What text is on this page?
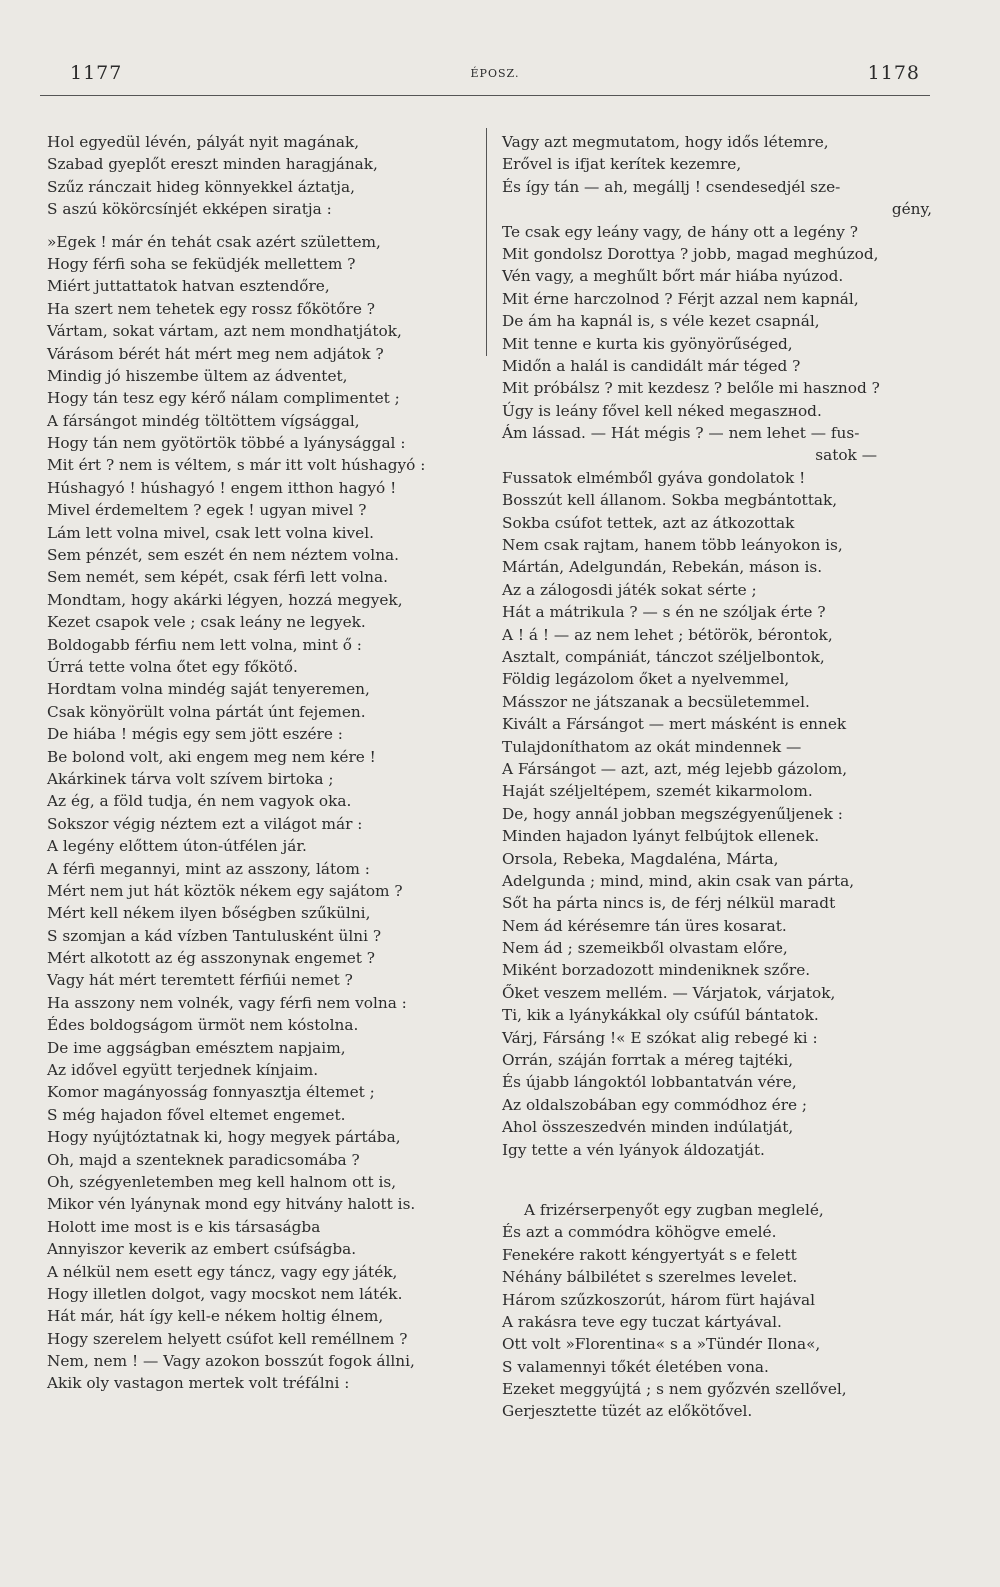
1177	ÉPOSZ.	1178
Hol egyedül lévén, pályát nyit magának,
Szabad gyeplőt ereszt minden haragjának,
Szűz ránczait hideg könnyekkel áztatja,
S aszú kökörcsínjét ekképen siratja :
»Egek ! már én tehát csak azért születtem,
Hogy férfi soha se feküdjék mellettem ?
Miért juttattatok hatvan esztendőre,
Ha szert nem tehetek egy rossz főkötőre ?
Vártam, sokat vártam, azt nem mondhatjátok,
Várásom bérét hát mért meg nem adjátok ?
Mindig jó hiszembe ültem az ádventet,
Hogy tán tesz egy kérő nálam complimentet ;
A fársángot mindég töltöttem vígsággal,
Hogy tán nem gyötörtök többé a lyánysággal :
Mit ért ? nem is véltem, s már itt volt húshagyó :
Húshagyó ! húshagyó ! engem itthon hagyó !
Mivel érdemeltem ? egek ! ugyan mivel ?
Lám lett volna mivel, csak lett volna kivel.
Sem pénzét, sem eszét én nem néztem volna.
Sem nemét, sem képét, csak férfi lett volna.
Mondtam, hogy akárki légyen, hozzá megyek,
Kezet csapok vele ; csak leány ne legyek.
Boldogabb férfiu nem lett volna, mint ő :
Úrrá tette volna őtet egy főkötő.
Hordtam volna mindég saját tenyeremen,
Csak könyörült volna pártát únt fejemen.
De hiába ! mégis egy sem jött eszére :
Be bolond volt, aki engem meg nem kére !
Akárkinek tárva volt szívem birtoka ;
Az ég, a föld tudja, én nem vagyok oka.
Sokszor végig néztem ezt a világot már :
A legény előttem úton-útfélen jár.
A férfi megannyi, mint az asszony, látom :
Mért nem jut hát köztök nékem egy sajátom ?
Mért kell nékem ilyen bőségben szűkülni,
S szomjan a kád vízben Tantulusként ülni ?
Mért alkotott az ég asszonynak engemet ?
Vagy hát mért teremtett férfiúi nemet ?
Ha asszony nem volnék, vagy férfi nem volna :
Édes boldogságom ürmöt nem kóstolna.
De ime aggságban emésztem napjaim,
Az idővel együtt terjednek kínjaim.
Komor magányosság fonnyasztja éltemet ;
S még hajadon fővel eltemet engemet.
Hogy nyújtóztatnak ki, hogy megyek pártába,
Oh, majd a szenteknek paradicsomába ?
Oh, szégyenletemben meg kell halnom ott is,
Mikor vén lyánynak mond egy hitvány halott is.
Holott ime most is e kis társaságba
Annyiszor keverik az embert csúfságba.
A nélkül nem esett egy táncz, vagy egy játék,
Hogy illetlen dolgot, vagy mocskot nem láték.
Hát már, hát így kell-e nékem holtig élnem,
Hogy szerelem helyett csúfot kell reméllnem ?
Nem, nem ! — Vagy azokon bosszút fogok állni,
Akik oly vastagon mertek volt tréfálni :
Vagy azt megmutatom, hogy idős létemre,
Erővel is ifjat kerítek kezemre,
És így tán — ah, megállj ! csendesedjél sze-
gény,
Te csak egy leány vagy, de hány ott a legény ?
Mit gondolsz Dorottya ? jobb, magad meghúzod,
Vén vagy, a meghűlt bőrt már hiába nyúzod.
Mit érne harczolnod ? Férjt azzal nem kapnál,
De ám ha kapnál is, s véle kezet csapnál,
Mit tenne e kurta kis gyönyörűséged,
Midőn a halál is candidált már téged ?
Mit próbálsz ? mit kezdesz ? belőle mi hasznod ?
Úgy is leány fővel kell néked megaszнod.
Ám lássad. — Hát mégis ? — nem lehet — fus-
satok —
Fussatok elmémből gyáva gondolatok !
Bosszút kell állanom. Sokba megbántottak,
Sokba csúfot tettek, azt az átkozottak
Nem csak rajtam, hanem több leányokon is,
Mártán, Adelgundán, Rebekán, máson is.
Az a zálogosdi játék sokat sérte ;
Hát a mátrikula ? — s én ne szóljak érte ?
A ! á ! — az nem lehet ; bétörök, bérontok,
Asztalt, compániát, tánczot széljelbontok,
Földig legázolom őket a nyelvemmel,
Másszor ne játszanak a becsületemmel.
Kivált a Fársángot — mert másként is ennek
Tulajdoníthatom az okát mindennek —
A Fársángot — azt, azt, még lejebb gázolom,
Haját széljeltépem, szemét kikarmolom.
De, hogy annál jobban megszégyenűljenek :
Minden hajadon lyányt felbújtok ellenek.
Orsola, Rebeka, Magdaléna, Márta,
Adelgunda ; mind, mind, akin csak van párta,
Sőt ha párta nincs is, de férj nélkül maradt
Nem ád kérésemre tán üres kosarat.
Nem ád ; szemeikből olvastam előre,
Miként borzadozott mindeniknek szőre.
Őket veszem mellém. — Várjatok, várjatok,
Ti, kik a lyánykákkal oly csúfúl bántatok.
Várj, Fársáng !« E szókat alig rebegé ki :
Orrán, száján forrtak a méreg tajtéki,
És újabb lángoktól lobbantatván vére,
Az oldalszobában egy commódhoz ére ;
Ahol összeszedvén minden indúlatját,
Igy tette a vén lyányok áldozatját.
A frizérserpenyőt egy zugban meglelé,
És azt a commódra köhögve emelé.
Fenekére rakott kéngyertyát s e felett
Néhány bálbilétet s szerelmes levelet.
Három szűzkoszorút, három fürt hajával
A rakásra teve egy tuczat kártyával.
Ott volt »Florentina« s a »Tündér Ilona«,
S valamennyi tőkét életében vona.
Ezeket meggyújtá ; s nem győzvén szellővel,
Gerjesztette tüzét az előkötővel.
